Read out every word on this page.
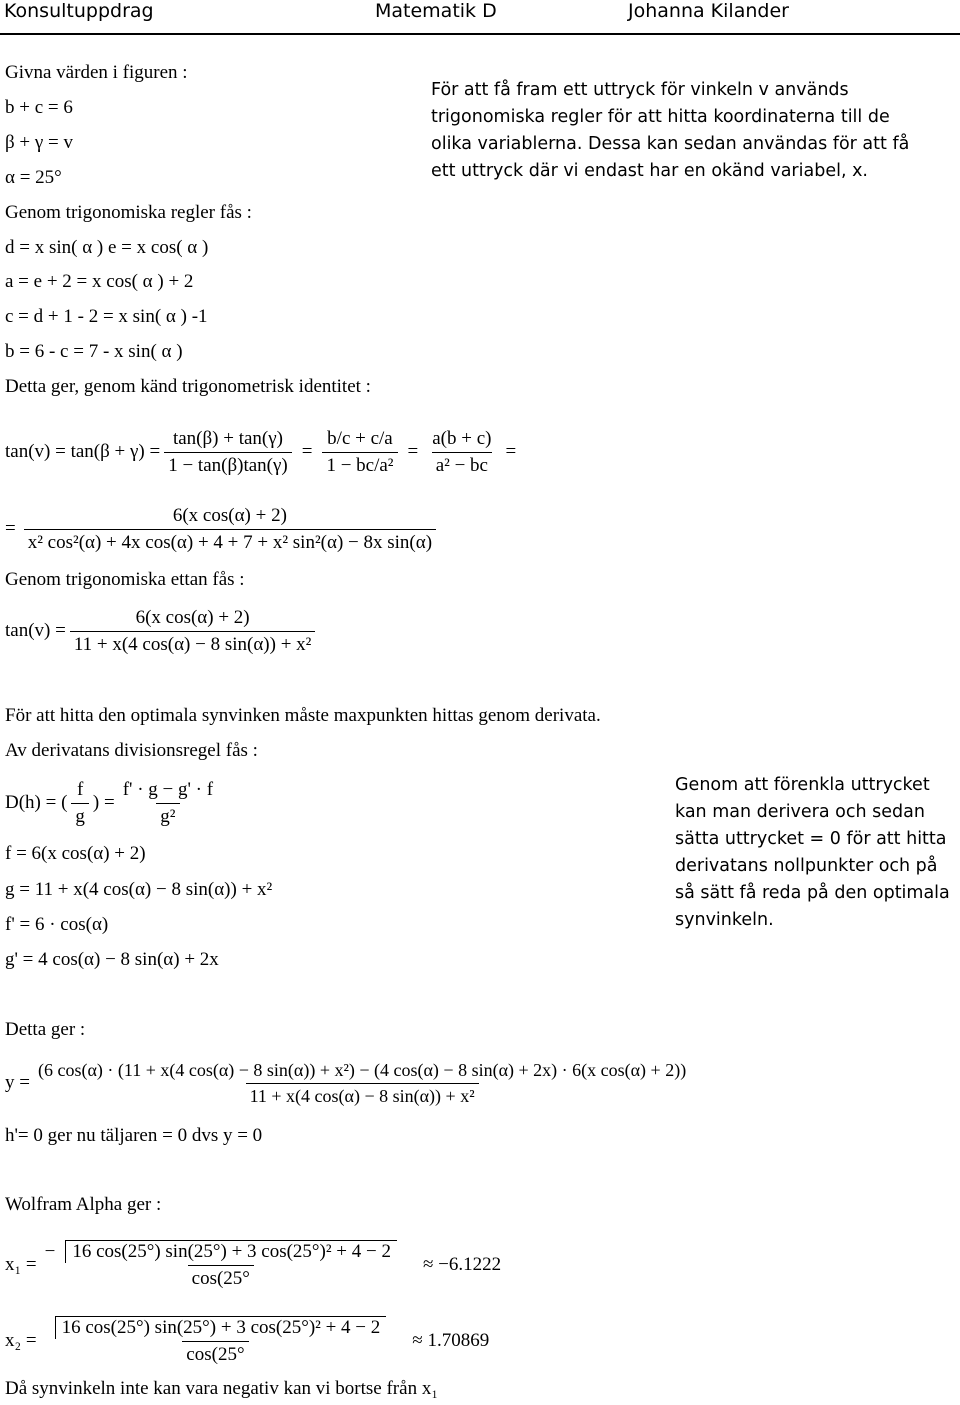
Konsultuppdrag	Matematik D	Johanna Kilander
För att få fram ett uttryck för vinkeln v används trigonomiska regler för att hitta koordinaterna till de olika variablerna. Dessa kan sedan användas för att få ett uttryck där vi endast har en okänd variabel, x.
Genom att förenkla uttrycket kan man derivera och sedan sätta uttrycket = 0 för att hitta derivatans nollpunkter och på så sätt få reda på den optimala synvinkeln.
Givna värden i figuren :
b + c = 6
β + γ = v
α = 25°
Genom trigonomiska regler fås :
d = x sin( α ) e = x cos( α )
a = e + 2 = x cos( α ) + 2
c = d + 1 - 2 = x sin( α ) -1
b = 6 - c = 7 - x sin( α )
Detta ger, genom känd trigonometrisk identitet :
$\tan(v) = \tan(\beta + \gamma) = \frac{\tan(\beta) + \tan(\gamma)}{1 - \tan(\beta)\tan(\gamma)} = \frac{b/c + c/a}{\text{1 − bc/a²}} = \frac{a(b + c)}{\text{a² − bc}}$ =
= $\frac{\text{6(x cos(α) + 2)}}{\text{x² cos²(α) + 4x cos(α) + 4 + 7 + x² sin²(α) − 8x sin(α)}}$
Genom trigonomiska ettan fås :
$\tan(v) = \frac{\text{6(x cos(α) + 2)}}{\text{11 + x(4 cos(α) − 8 sin(α)) + x²}}$
För att hitta den optimala synvinken måste maxpunkten hittas genom derivata.
Av derivatans divisionsregel fås :
D(h) = ( $\frac{f}{g}$ ) = $\frac{f' \cdot g - g' \cdot f}{\text{g²}}$
f = 6(x cos(α) + 2)
g = 11 + x(4 cos(α) − 8 sin(α)) + x²
f' = 6 · cos(α)
g' = 4 cos(α) − 8 sin(α) + 2x
Detta ger :
y =
(6 cos(α) · (11 + x(4 cos(α) − 8 sin(α)) + x²) − (4 cos(α) − 8 sin(α) + 2x) · 6(x cos(α) + 2))
11 + x(4 cos(α) − 8 sin(α)) + x²
h'= 0 ger nu täljaren = 0 dvs y = 0
Wolfram Alpha ger :
$x_1 = \frac{\text{− 16 cos(25°) sin(25°) + 3 cos(25°)² + 4 − 2}}{\cos(25^\circ} \approx -6.1222$
$x_2 = \frac{\text{16 cos(25°) sin(25°) + 3 cos(25°)² + 4 − 2}}{\cos(25^\circ} \approx 1.70869$
Då synvinkeln inte kan vara negativ kan vi bortse från x₁
